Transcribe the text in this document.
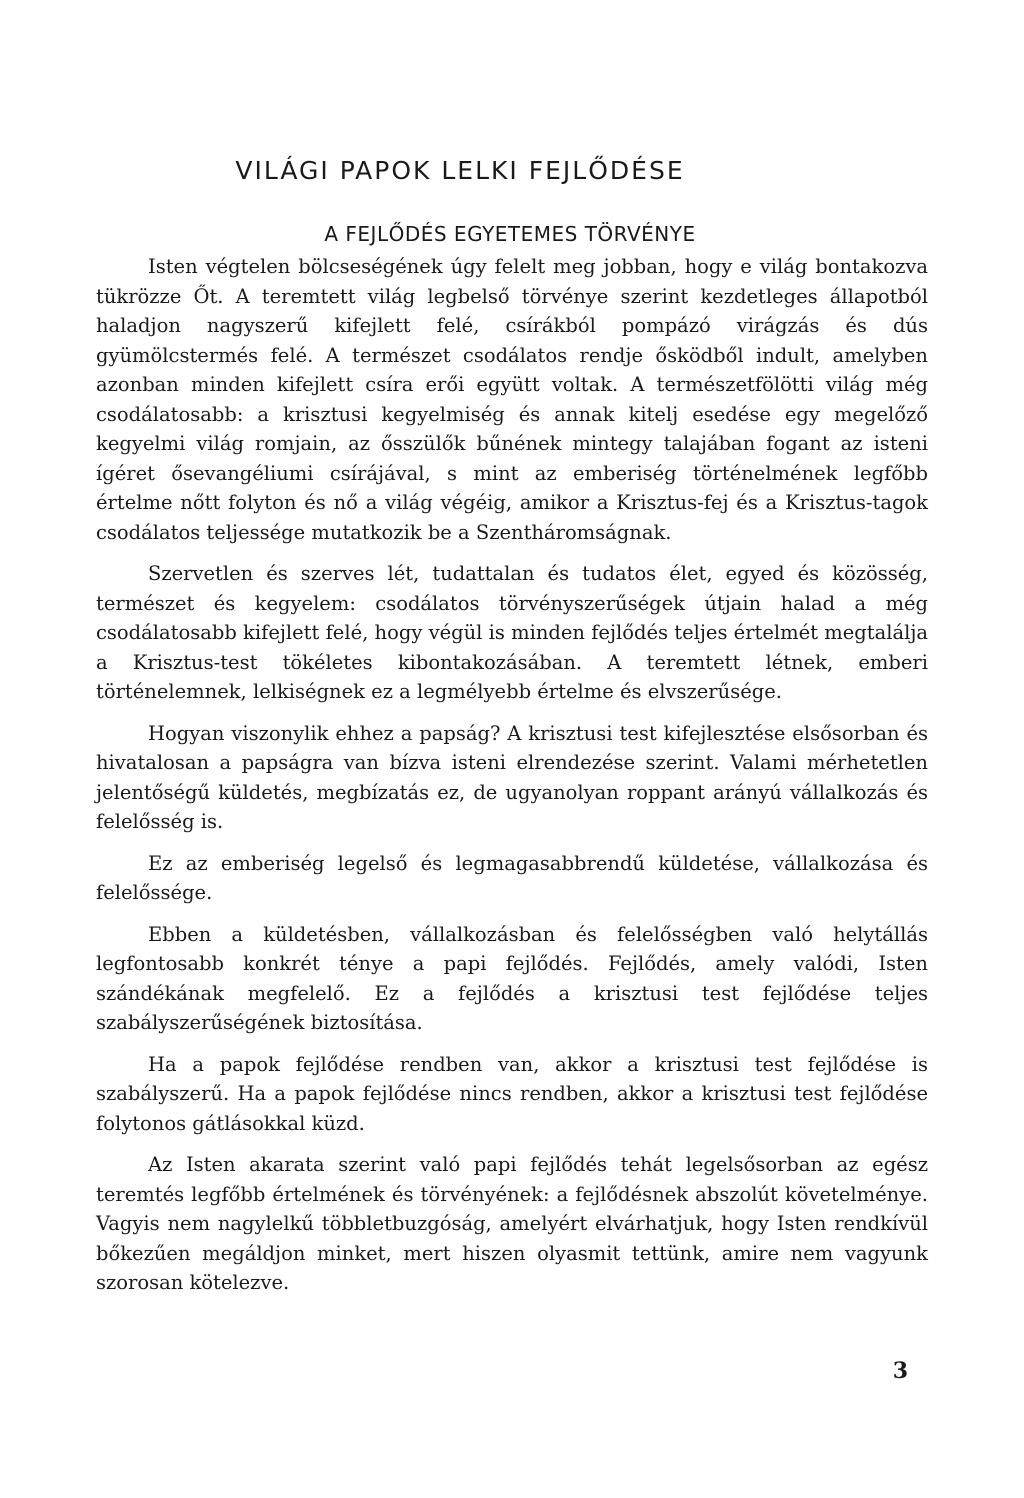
VILÁGI PAPOK LELKI FEJLŐDÉSE
A FEJLŐDÉS EGYETEMES TÖRVÉNYE

Isten végtelen bölcseségének úgy felelt meg jobban, hogy e világ bontakozva tükrözze Őt. A teremtett világ legbelső törvénye szerint kezdetleges állapotból haladjon nagyszerű kifejlett felé, csírákból pompázó virágzás és dús gyümölcstermés felé. A természet csodálatos rendje ősködből indult, amelyben azonban minden kifejlett csíra erői együtt voltak. A természetfölötti világ még csodálatosabb: a krisztusi kegyelmiség és annak kitelj esedése egy megelőző kegyelmi világ romjain, az ősszülők bűnének mintegy talajában fogant az isteni ígéret ősevangéliumi csírájával, s mint az emberiség történelmének legfőbb értelme nőtt folyton és nő a világ végéig, amikor a Krisztus-fej és a Krisztus-tagok csodálatos teljessége mutatkozik be a Szentháromságnak.

Szervetlen és szerves lét, tudattalan és tudatos élet, egyed és közösség, természet és kegyelem: csodálatos törvényszerűségek útjain halad a még csodálatosabb kifejlett felé, hogy végül is minden fejlődés teljes értelmét megtalálja a Krisztus-test tökéletes kibontakozásában. A teremtett létnek, emberi történelemnek, lelkiségnek ez a legmélyebb értelme és elvszerűsége.

Hogyan viszonylik ehhez a papság? A krisztusi test kifejlesztése elsősorban és hivatalosan a papságra van bízva isteni elrendezése szerint. Valami mérhetetlen jelentőségű küldetés, megbízatás ez, de ugyanolyan roppant arányú vállalkozás és felelősség is.

Ez az emberiség legelső és legmagasabbrendű küldetése, vállalkozása és felelőssége.

Ebben a küldetésben, vállalkozásban és felelősségben való helytállás legfontosabb konkrét ténye a papi fejlődés. Fejlődés, amely valódi, Isten szándékának megfelelő. Ez a fejlődés a krisztusi test fejlődése teljes szabályszerűségének biztosítása.

Ha a papok fejlődése rendben van, akkor a krisztusi test fejlődése is szabályszerű. Ha a papok fejlődése nincs rendben, akkor a krisztusi test fejlődése folytonos gátlásokkal küzd.

Az Isten akarata szerint való papi fejlődés tehát legelsősorban az egész teremtés legfőbb értelmének és törvényének: a fejlődésnek abszolút követelménye. Vagyis nem nagylelkű többletbuzgóság, amelyért elvárhatjuk, hogy Isten rendkívül bőkezűen megáldjon minket, mert hiszen olyasmit tettünk, amire nem vagyunk szorosan kötelezve.

3
